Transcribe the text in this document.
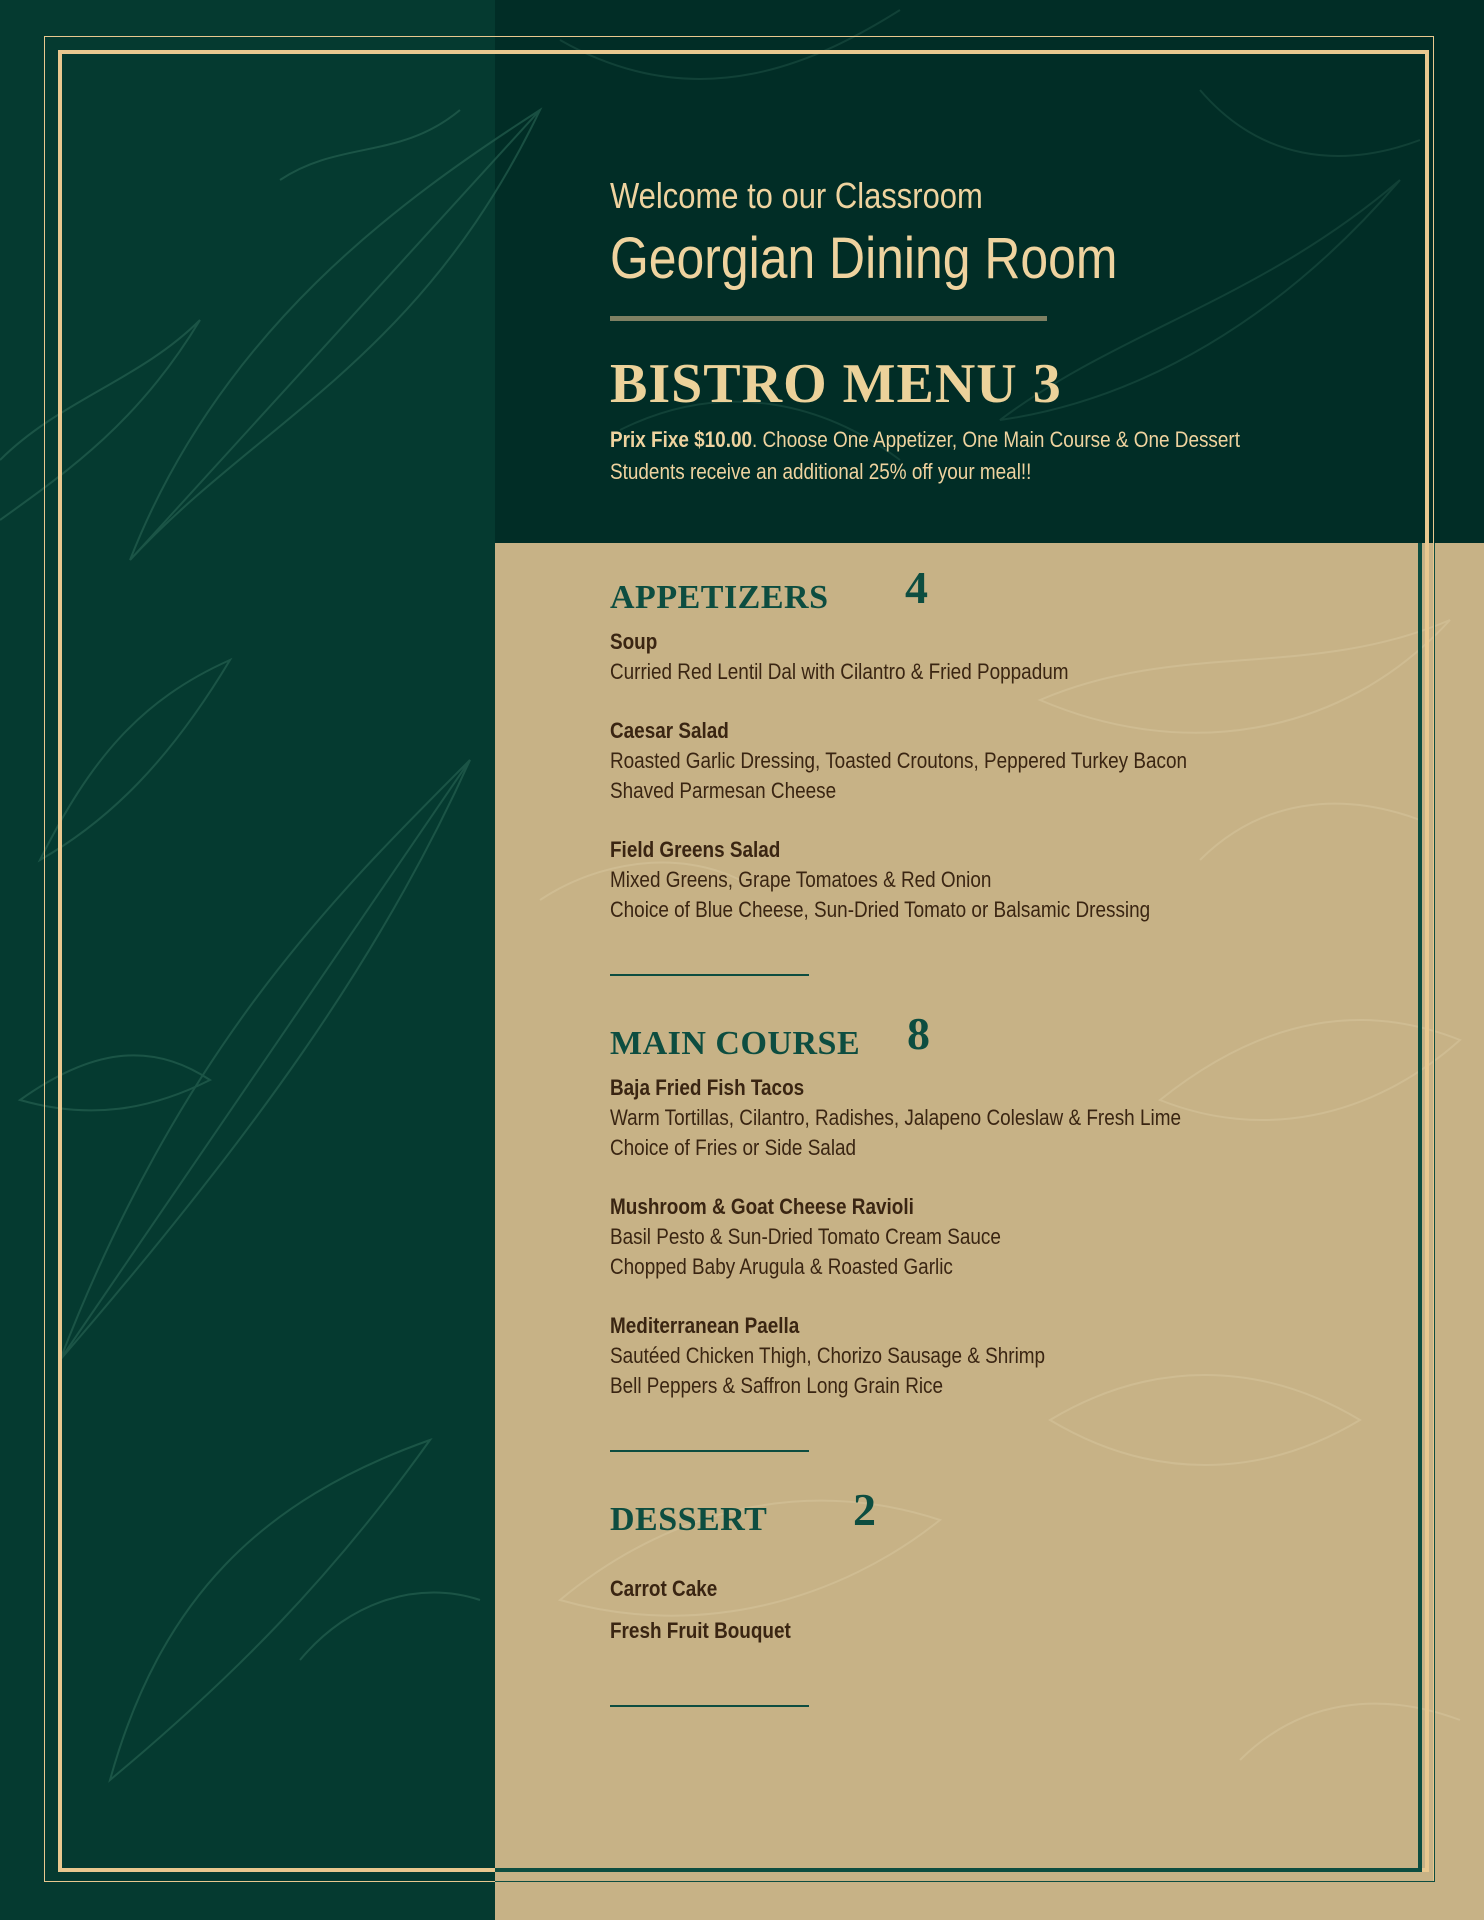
Welcome to our Classroom
Georgian Dining Room
BISTRO MENU 3
Prix Fixe $10.00. Choose One Appetizer, One Main Course & One Dessert
Students receive an additional 25% off your meal!!
APPETIZERS 4
Soup
Curried Red Lentil Dal with Cilantro & Fried Poppadum
Caesar Salad
Roasted Garlic Dressing, Toasted Croutons, Peppered Turkey Bacon
Shaved Parmesan Cheese
Field Greens Salad
Mixed Greens, Grape Tomatoes & Red Onion
Choice of Blue Cheese, Sun-Dried Tomato or Balsamic Dressing
MAIN COURSE 8
Baja Fried Fish Tacos
Warm Tortillas, Cilantro, Radishes, Jalapeno Coleslaw & Fresh Lime
Choice of Fries or Side Salad
Mushroom & Goat Cheese Ravioli
Basil Pesto & Sun-Dried Tomato Cream Sauce
Chopped Baby Arugula & Roasted Garlic
Mediterranean Paella
Sautéed Chicken Thigh, Chorizo Sausage & Shrimp
Bell Peppers & Saffron Long Grain Rice
DESSERT 2
Carrot Cake
Fresh Fruit Bouquet
